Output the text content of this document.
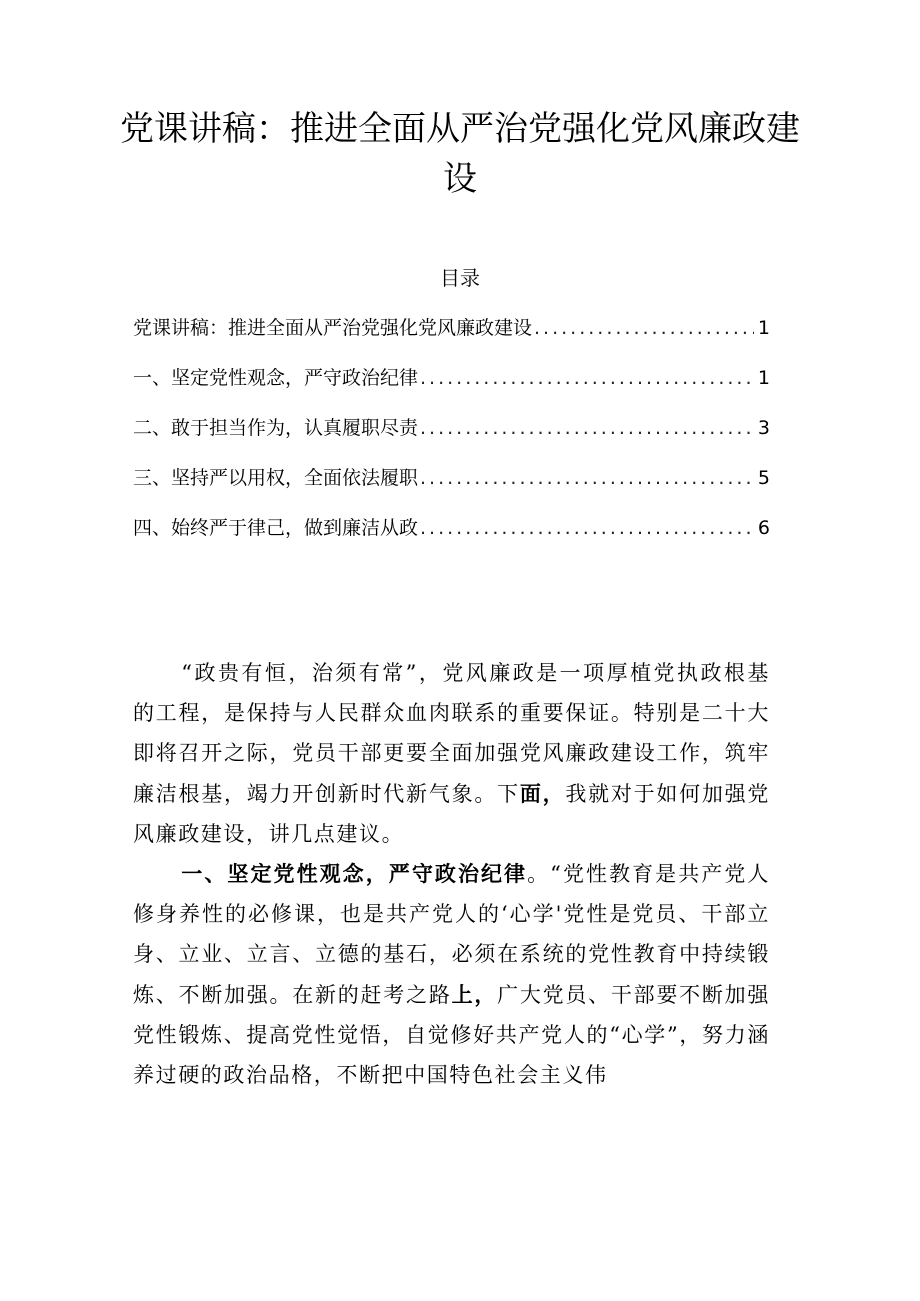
党课讲稿：推进全面从严治党强化党风廉政建设
目录
党课讲稿：推进全面从严治党强化党风廉政建设 .....	1
一、坚定党性观念，严守政治纪律 .....	1
二、敢于担当作为，认真履职尽责 .....	3
三、坚持严以用权，全面依法履职 .....	5
四、始终严于律己，做到廉洁从政 .....	6

“政贵有恒，治须有常”，党风廉政是一项厚植党执政根基的工程，是保持与人民群众血肉联系的重要保证。特别是二十大即将召开之际，党员干部更要全面加强党风廉政建设工作，筑牢廉洁根基，竭力开创新时代新气象。下面，我就对于如何加强党风廉政建设，讲几点建议。

一、坚定党性观念，严守政治纪律。“党性教育是共产党人修身养性的必修课，也是共产党人的‘心学'党性是党员、干部立身、立业、立言、立德的基石，必须在系统的党性教育中持续锻炼、不断加强。在新的赶考之路上，广大党员、干部要不断加强党性锻炼、提高党性觉悟，自觉修好共产党人的“心学”，努力涵养过硬的政治品格，不断把中国特色社会主义伟
